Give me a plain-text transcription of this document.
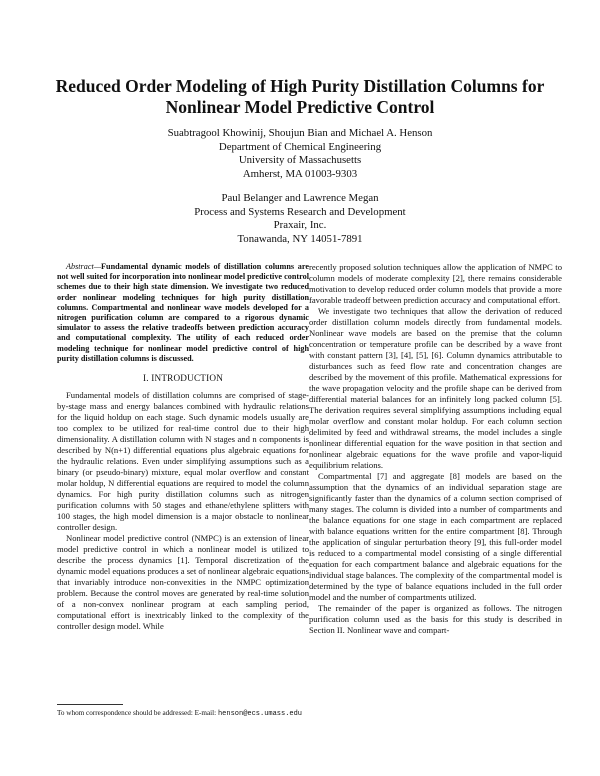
Reduced Order Modeling of High Purity Distillation Columns for
Nonlinear Model Predictive Control
Suabtragool Khowinij, Shoujun Bian and Michael A. Henson
Department of Chemical Engineering
University of Massachusetts
Amherst, MA 01003-9303
Paul Belanger and Lawrence Megan
Process and Systems Research and Development
Praxair, Inc.
Tonawanda, NY 14051-7891

Abstract—Fundamental dynamic models of distillation columns are not well suited for incorporation into nonlinear model predictive control schemes due to their high state dimension. We investigate two reduced order nonlinear modeling techniques for high purity distillation columns. Compartmental and nonlinear wave models developed for a nitrogen purification column are compared to a rigorous dynamic simulator to assess the relative tradeoffs between prediction accuracy and computational complexity. The utility of each reduced order modeling technique for nonlinear model predictive control of high purity distillation columns is discussed.

I. INTRODUCTION

Fundamental models of distillation columns are comprised of stage-by-stage mass and energy balances combined with hydraulic relations for the liquid holdup on each stage. Such dynamic models usually are too complex to be utilized for real-time control due to their high dimensionality. A distillation column with N stages and n components is described by N(n+1) differential equations plus algebraic equations for the hydraulic relations. Even under simplifying assumptions such as a binary (or pseudo-binary) mixture, equal molar overflow and constant molar holdup, N differential equations are required to model the column dynamics. For high purity distillation columns such as nitrogen purification columns with 50 stages and ethane/ethylene splitters with 100 stages, the high model dimension is a major obstacle to nonlinear controller design.

Nonlinear model predictive control (NMPC) is an extension of linear model predictive control in which a nonlinear model is utilized to describe the process dynamics [1]. Temporal discretization of the dynamic model equations produces a set of nonlinear algebraic equations that invariably introduce non-convexities in the NMPC optimization problem. Because the control moves are generated by real-time solution of a non-convex nonlinear program at each sampling period, computational effort is inextricably linked to the complexity of the controller design model. While

recently proposed solution techniques allow the application of NMPC to column models of moderate complexity [2], there remains considerable motivation to develop reduced order column models that provide a more favorable tradeoff between prediction accuracy and computational effort.

We investigate two techniques that allow the derivation of reduced order distillation column models directly from fundamental models. Nonlinear wave models are based on the premise that the column concentration or temperature profile can be described by a wave front with constant pattern [3], [4], [5], [6]. Column dynamics attributable to disturbances such as feed flow rate and concentration changes are described by the movement of this profile. Mathematical expressions for the wave propagation velocity and the profile shape can be derived from differential material balances for an infinitely long packed column [5]. The derivation requires several simplifying assumptions including equal molar overflow and constant molar holdup. For each column section delimited by feed and withdrawal streams, the model includes a single nonlinear differential equation for the wave position in that section and nonlinear algebraic equations for the wave profile and vapor-liquid equilibrium relations.

Compartmental [7] and aggregate [8] models are based on the assumption that the dynamics of an individual separation stage are significantly faster than the dynamics of a column section comprised of many stages. The column is divided into a number of compartments and the balance equations for one stage in each compartment are replaced with balance equations written for the entire compartment [8]. Through the application of singular perturbation theory [9], this full-order model is reduced to a compartmental model consisting of a single differential equation for each compartment balance and algebraic equations for the individual stage balances. The complexity of the compartmental model is determined by the type of balance equations included in the full order model and the number of compartments utilized.

The remainder of the paper is organized as follows. The nitrogen purification column used as the basis for this study is described in Section II. Nonlinear wave and compart-

To whom correspondence should be addressed: E-mail: henson@ecs.umass.edu
